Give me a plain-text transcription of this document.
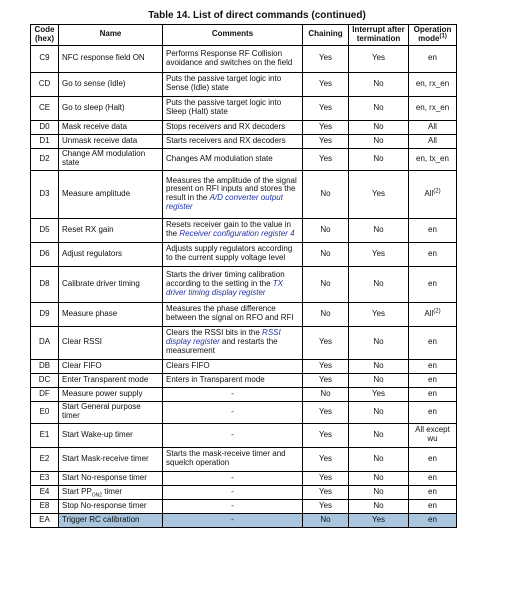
Table 14. List of direct commands (continued)
Code (hex)	Name	Comments	Chaining	Interrupt after termination	Operation mode$^{(1)}$
C9	NFC response field ON	Performs Response RF Collision avoidance and switches on the field	Yes	Yes	en
CD	Go to sense (Idle)	Puts the passive target logic into Sense (Idle) state	Yes	No	en, rx_en
CE	Go to sleep (Halt)	Puts the passive target logic into Sleep (Halt) state	Yes	No	en, rx_en
D0	Mask receive data	Stops receivers and RX decoders	Yes	No	All
D1	Unmask receive data	Starts receivers and RX decoders	Yes	No	All
D2	Change AM modulation state	Changes AM modulation state	Yes	No	en, tx_en
D3	Measure amplitude	Measures the amplitude of the signal present on RFI inputs and stores the result in the A/D converter output register	No	Yes	All$^{(2)}$
D5	Reset RX gain	Resets receiver gain to the value in the Receiver configuration register 4	No	No	en
D6	Adjust regulators	Adjusts supply regulators according to the current supply voltage level	No	Yes	en
D8	Calibrate driver timing	Starts the driver timing calibration according to the setting in the TX driver timing display register	No	No	en
D9	Measure phase	Measures the phase difference between the signal on RFO and RFI	No	Yes	All$^{(2)}$
DA	Clear RSSI	Clears the RSSI bits in the RSSI display register and restarts the measurement	Yes	No	en
DB	Clear FIFO	Clears FIFO	Yes	No	en
DC	Enter Transparent mode	Enters in Transparent mode	Yes	No	en
DF	Measure power supply	-	No	Yes	en
E0	Start General purpose timer	-	Yes	No	en
E1	Start Wake-up timer	-	Yes	No	All except wu
E2	Start Mask-receive timer	Starts the mask-receive timer and squelch operation	Yes	No	en
E3	Start No-response timer	-	Yes	No	en
E4	Start $PP_{ON2}$ timer	-	Yes	No	en
E8	Stop No-response timer	-	Yes	No	en
EA	Trigger RC calibration	-	No	Yes	en
